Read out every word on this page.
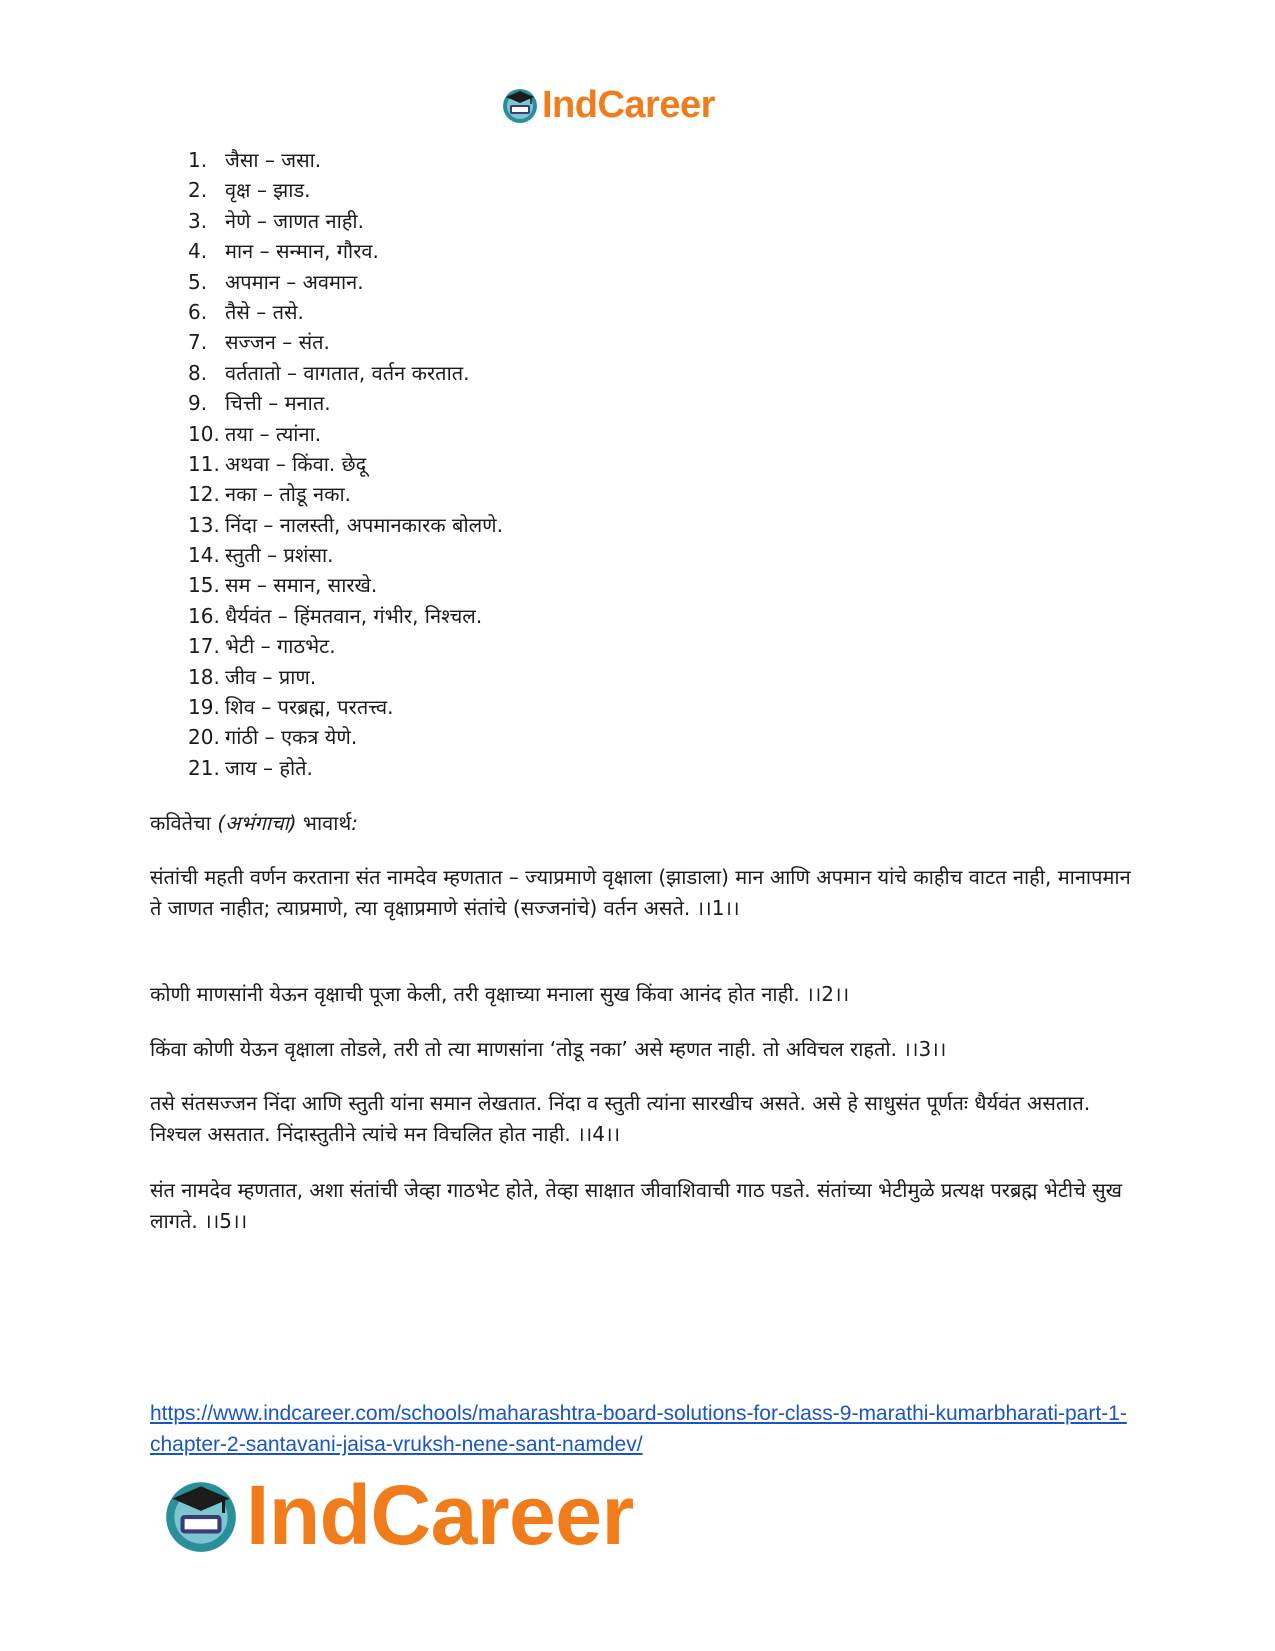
IndCareer
1. जैसा – जसा.
2. वृक्ष – झाड.
3. नेणे – जाणत नाही.
4. मान – सन्मान, गौरव.
5. अपमान – अवमान.
6. तैसे – तसे.
7. सज्जन – संत.
8. वर्ततातो – वागतात, वर्तन करतात.
9. चित्ती – मनात.
10. तया – त्यांना.
11. अथवा – किंवा. छेदू
12. नका – तोडू नका.
13. निंदा – नालस्ती, अपमानकारक बोलणे.
14. स्तुती – प्रशंसा.
15. सम – समान, सारखे.
16. धैर्यवंत – हिंमतवान, गंभीर, निश्चल.
17. भेटी – गाठभेट.
18. जीव – प्राण.
19. शिव – परब्रह्म, परतत्त्व.
20. गांठी – एकत्र येणे.
21. जाय – होते.
कवितेचा (अभंगाचा) भावार्थ:

संतांची महती वर्णन करताना संत नामदेव म्हणतात – ज्याप्रमाणे वृक्षाला (झाडाला) मान आणि अपमान यांचे काहीच वाटत नाही, मानापमान ते जाणत नाहीत; त्याप्रमाणे, त्या वृक्षाप्रमाणे संतांचे (सज्जनांचे) वर्तन असते. ।।1।।

कोणी माणसांनी येऊन वृक्षाची पूजा केली, तरी वृक्षाच्या मनाला सुख किंवा आनंद होत नाही. ।।2।।

किंवा कोणी येऊन वृक्षाला तोडले, तरी तो त्या माणसांना ‘तोडू नका’ असे म्हणत नाही. तो अविचल राहतो. ।।3।।

तसे संतसज्जन निंदा आणि स्तुती यांना समान लेखतात. निंदा व स्तुती त्यांना सारखीच असते. असे हे साधुसंत पूर्णतः धैर्यवंत असतात. निश्चल असतात. निंदास्तुतीने त्यांचे मन विचलित होत नाही. ।।4।।

संत नामदेव म्हणतात, अशा संतांची जेव्हा गाठभेट होते, तेव्हा साक्षात जीवाशिवाची गाठ पडते. संतांच्या भेटीमुळे प्रत्यक्ष परब्रह्म भेटीचे सुख लागते. ।।5।।

https://www.indcareer.com/schools/maharashtra-board-solutions-for-class-9-marathi-kumarbharati-part-1-chapter-2-santavani-jaisa-vruksh-nene-sant-namdev/
IndCareer
